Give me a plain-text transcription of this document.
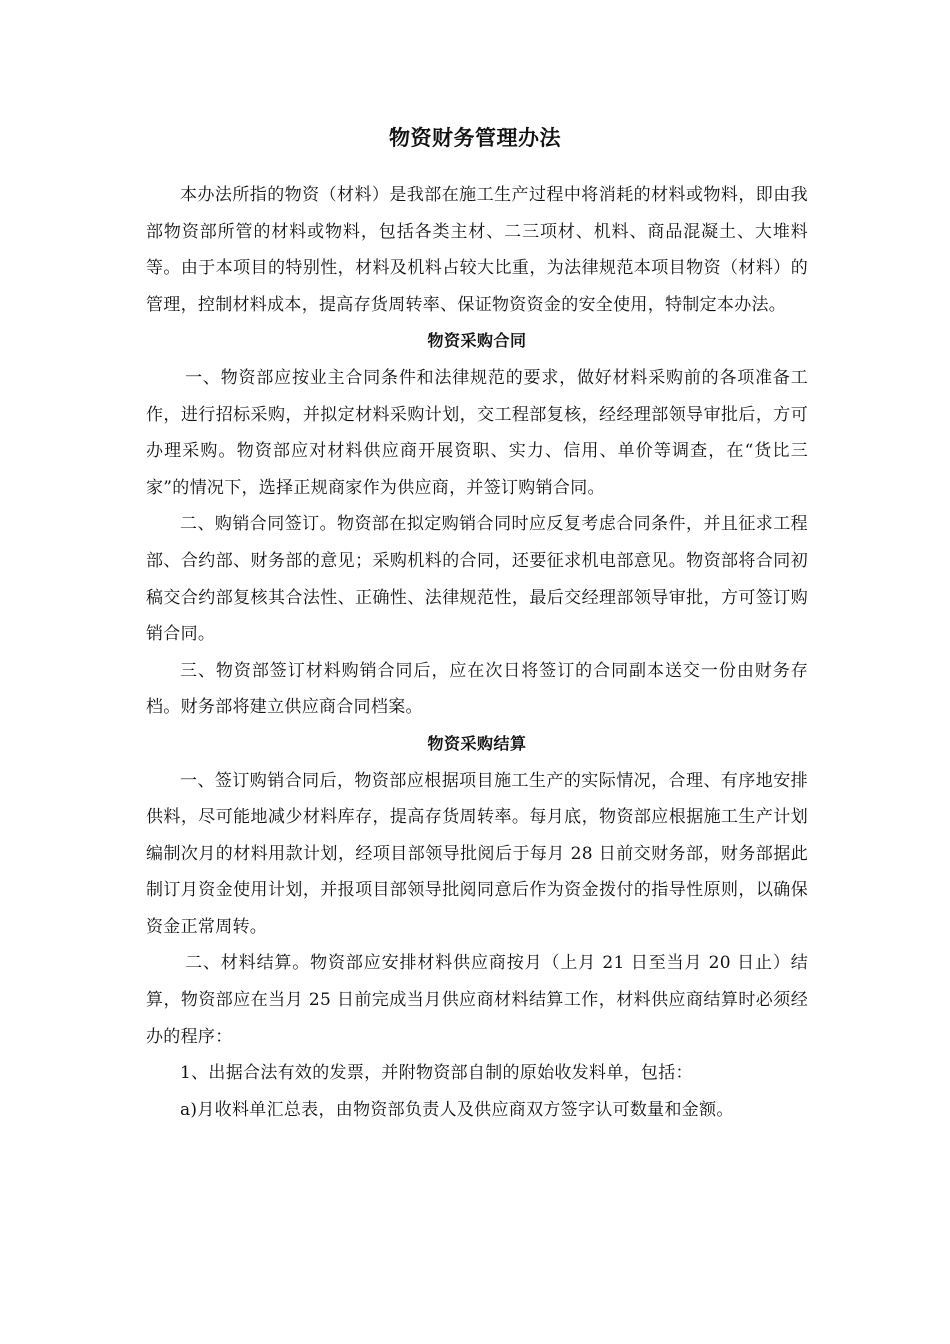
物资财务管理办法

本办法所指的物资（材料）是我部在施工生产过程中将消耗的材料或物料，即由我部物资部所管的材料或物料，包括各类主材、二三项材、机料、商品混凝土、大堆料等。由于本项目的特别性，材料及机料占较大比重，为法律规范本项目物资（材料）的管理，控制材料成本，提高存货周转率、保证物资资金的安全使用，特制定本办法。

物资采购合同

一、物资部应按业主合同条件和法律规范的要求，做好材料采购前的各项准备工作，进行招标采购，并拟定材料采购计划，交工程部复核，经经理部领导审批后，方可办理采购。物资部应对材料供应商开展资职、实力、信用、单价等调查，在“货比三家”的情况下，选择正规商家作为供应商，并签订购销合同。

二、购销合同签订。物资部在拟定购销合同时应反复考虑合同条件，并且征求工程部、合约部、财务部的意见；采购机料的合同，还要征求机电部意见。物资部将合同初稿交合约部复核其合法性、正确性、法律规范性，最后交经理部领导审批，方可签订购销合同。

三、物资部签订材料购销合同后，应在次日将签订的合同副本送交一份由财务存档。财务部将建立供应商合同档案。

物资采购结算

一、签订购销合同后，物资部应根据项目施工生产的实际情况，合理、有序地安排供料，尽可能地减少材料库存，提高存货周转率。每月底，物资部应根据施工生产计划编制次月的材料用款计划，经项目部领导批阅后于每月 28 日前交财务部，财务部据此制订月资金使用计划，并报项目部领导批阅同意后作为资金拨付的指导性原则，以确保资金正常周转。

二、材料结算。物资部应安排材料供应商按月（上月 21 日至当月 20 日止）结算，物资部应在当月 25 日前完成当月供应商材料结算工作，材料供应商结算时必须经办的程序：

1、出据合法有效的发票，并附物资部自制的原始收发料单，包括：

a)月收料单汇总表，由物资部负责人及供应商双方签字认可数量和金额。
